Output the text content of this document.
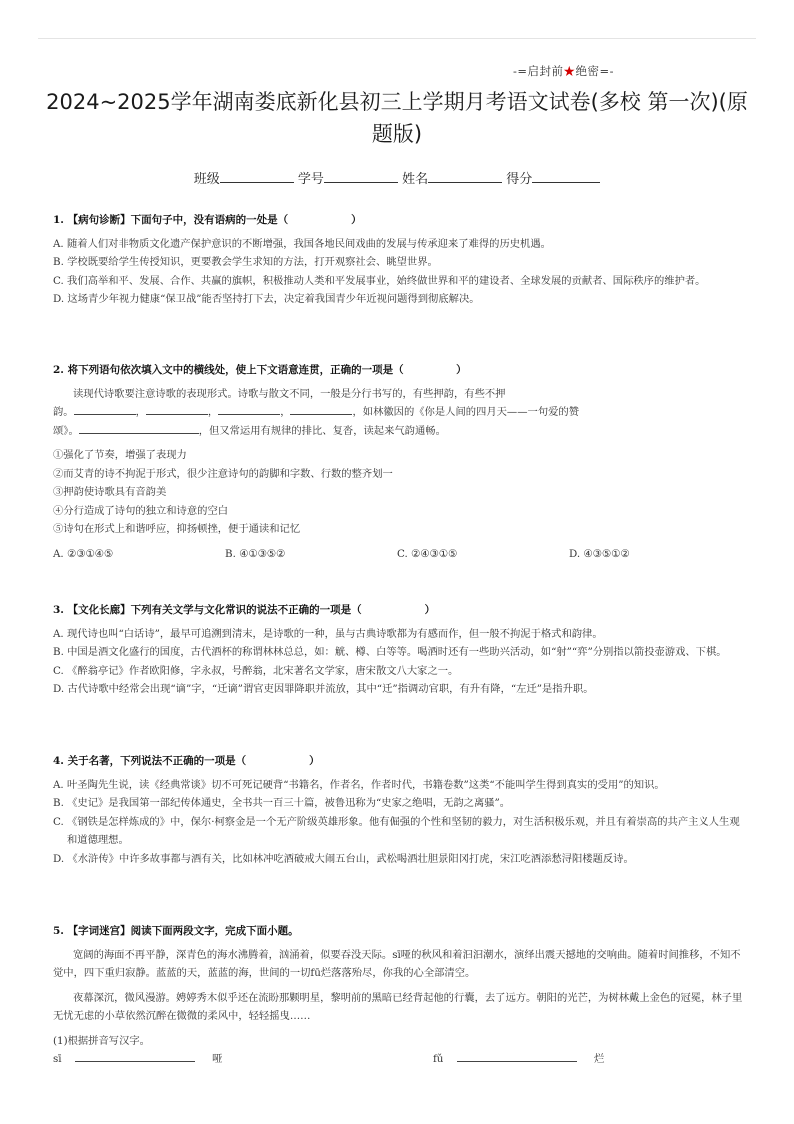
-=启封前★绝密=-
2024~2025学年湖南娄底新化县初三上学期月考语文试卷(多校 第一次)(原题版)
班级	学号	姓名	得分
1. 【病句诊断】下面句子中，没有语病的一处是（　　　　　　）
A. 随着人们对非物质文化遗产保护意识的不断增强，我国各地民间戏曲的发展与传承迎来了难得的历史机遇。
B. 学校既要给学生传授知识，更要教会学生求知的方法，打开观察社会、眺望世界。
C. 我们高举和平、发展、合作、共赢的旗帜，积极推动人类和平发展事业，始终做世界和平的建设者、全球发展的贡献者、国际秩序的维护者。
D. 这场青少年视力健康“保卫战”能否坚持打下去，决定着我国青少年近视问题得到彻底解决。
2. 将下列语句依次填入文中的横线处，使上下文语意连贯，正确的一项是（　　　　　）
读现代诗歌要注意诗歌的表现形式。诗歌与散文不同，一般是分行书写的，有些押韵，有些不押
韵。	，	，	，	，如林徽因的《你是人间的四月天——一句爱的赞
颂》。	，但又常运用有规律的排比、复沓，读起来气韵通畅。
①强化了节奏，增强了表现力
②而艾青的诗不拘泥于形式，很少注意诗句的韵脚和字数、行数的整齐划一
③押韵使诗歌具有音韵美
④分行造成了诗句的独立和诗意的空白
⑤诗句在形式上和谐呼应，抑扬顿挫，便于通读和记忆
A. ②③①④⑤	B. ④①③⑤②	C. ②④③①⑤	D. ④③⑤①②
3. 【文化长廊】下列有关文学与文化常识的说法不正确的一项是（　　　　　　）
A. 现代诗也叫“白话诗”，最早可追溯到清末，是诗歌的一种，虽与古典诗歌都为有感而作，但一般不拘泥于格式和韵律。
B. 中国是酒文化盛行的国度，古代酒杯的称谓林林总总，如：觥、樽、白等等。喝酒时还有一些助兴活动，如“射”“弈”分别指以箭投壶游戏、下棋。
C. 《醉翁亭记》作者欧阳修，字永叔，号醉翁，北宋著名文学家，唐宋散文八大家之一。
D. 古代诗歌中经常会出现“谪”字，“迁谪”谓官吏因罪降职并流放，其中“迁”指调动官职，有升有降，“左迁”是指升职。
4. 关于名著，下列说法不正确的一项是（　　　　　　）
A. 叶圣陶先生说，读《经典常谈》切不可死记硬背“书籍名，作者名，作者时代，书籍卷数”这类“不能叫学生得到真实的受用”的知识。
B. 《史记》是我国第一部纪传体通史，全书共一百三十篇，被鲁迅称为“史家之绝唱，无韵之离骚”。
C. 《钢铁是怎样炼成的》中，保尔·柯察金是一个无产阶级英雄形象。他有倔强的个性和坚韧的毅力，对生活积极乐观，并且有着崇高的共产主义人生观和道德理想。
D. 《水浒传》中许多故事都与酒有关，比如林冲吃酒破戒大闹五台山，武松喝酒壮胆景阳冈打虎，宋江吃酒添愁浔阳楼题反诗。
5. 【字词迷宫】阅读下面两段文字，完成下面小题。
宽阔的海面不再平静，深青色的海水沸腾着，汹涌着，似要吞没天际。sī哑的秋风和着汩汩潮水，演绎出震天撼地的交响曲。随着时间推移，不知不觉中，四下重归寂静。蓝蓝的天，蓝蓝的海，世间的一切fū烂落落殆尽，你我的心全部清空。
夜幕深沉，微风漫游。娉婷秀木似乎还在流盼那颗明星，黎明前的黑暗已经背起他的行囊，去了远方。朝阳的光芒，为树林戴上金色的冠冕，林子里无忧无虑的小草依然沉醉在微微的柔风中，轻轻摇曳……
(1)根据拼音写汉字。
sī	哑	fǔ	烂
